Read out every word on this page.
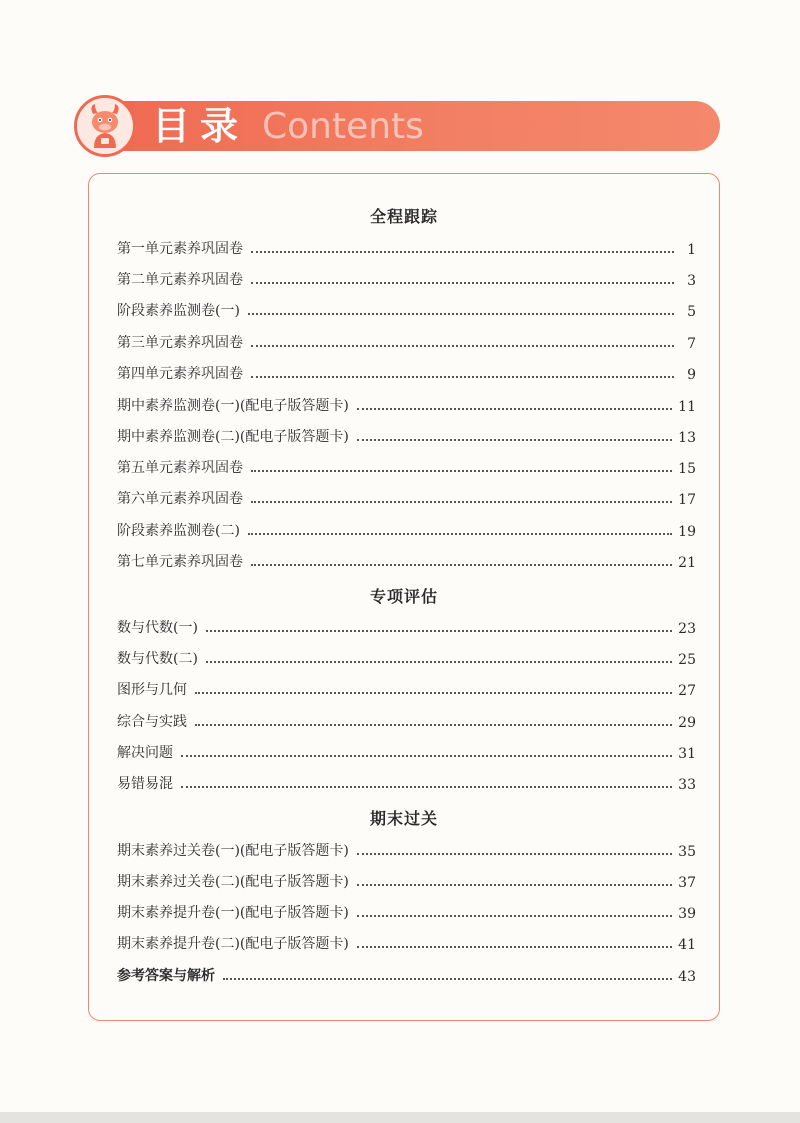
目录 Contents
全程跟踪
第一单元素养巩固卷	1
第二单元素养巩固卷	3
阶段素养监测卷(一)	5
第三单元素养巩固卷	7
第四单元素养巩固卷	9
期中素养监测卷(一)(配电子版答题卡)	11
期中素养监测卷(二)(配电子版答题卡)	13
第五单元素养巩固卷	15
第六单元素养巩固卷	17
阶段素养监测卷(二)	19
第七单元素养巩固卷	21
专项评估
数与代数(一)	23
数与代数(二)	25
图形与几何	27
综合与实践	29
解决问题	31
易错易混	33
期末过关
期末素养过关卷(一)(配电子版答题卡)	35
期末素养过关卷(二)(配电子版答题卡)	37
期末素养提升卷(一)(配电子版答题卡)	39
期末素养提升卷(二)(配电子版答题卡)	41
参考答案与解析	43
